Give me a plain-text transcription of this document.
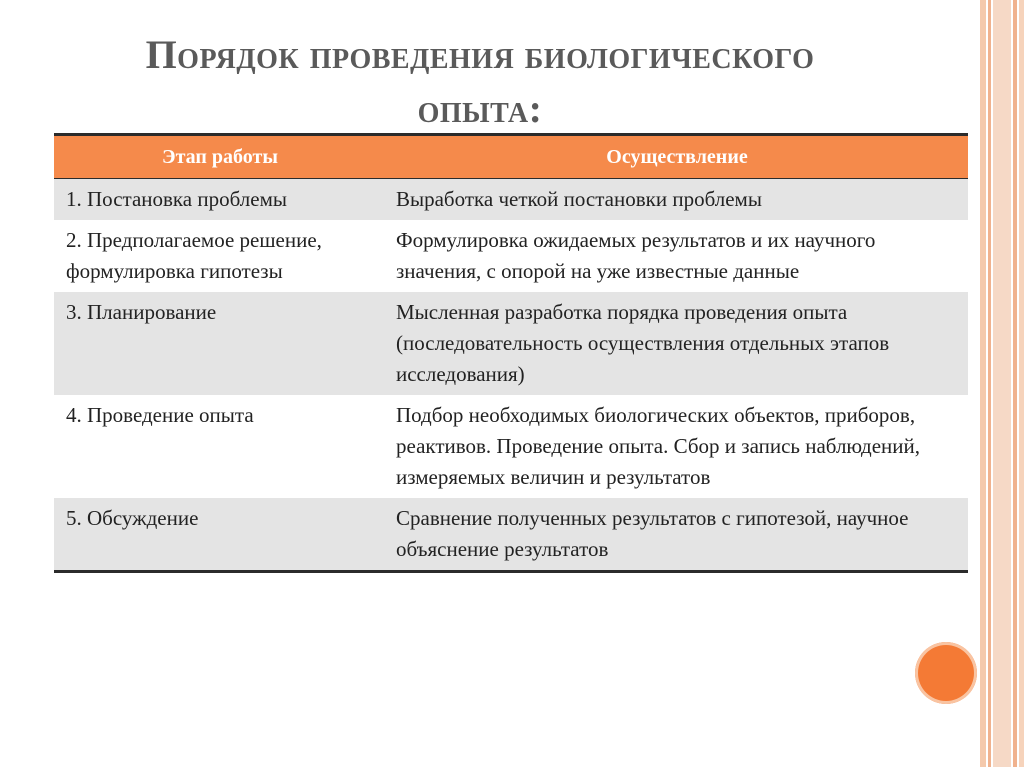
Порядок проведения биологического
опыта:
Этап работы	Осуществление
1. Постановка проблемы	Выработка четкой постановки проблемы
2. Предполагаемое решение, формулировка гипотезы	Формулировка ожидаемых результатов и их научного значения, с опорой на уже известные данные
3. Планирование	Мысленная разработка порядка проведения опыта (последовательность осуществления отдельных этапов исследования)
4. Проведение опыта	Подбор необходимых биологических объектов, приборов, реактивов. Проведение опыта. Сбор и запись наблюдений, измеряемых величин и результатов
5. Обсуждение	Сравнение полученных результатов с гипотезой, научное объяснение результатов
